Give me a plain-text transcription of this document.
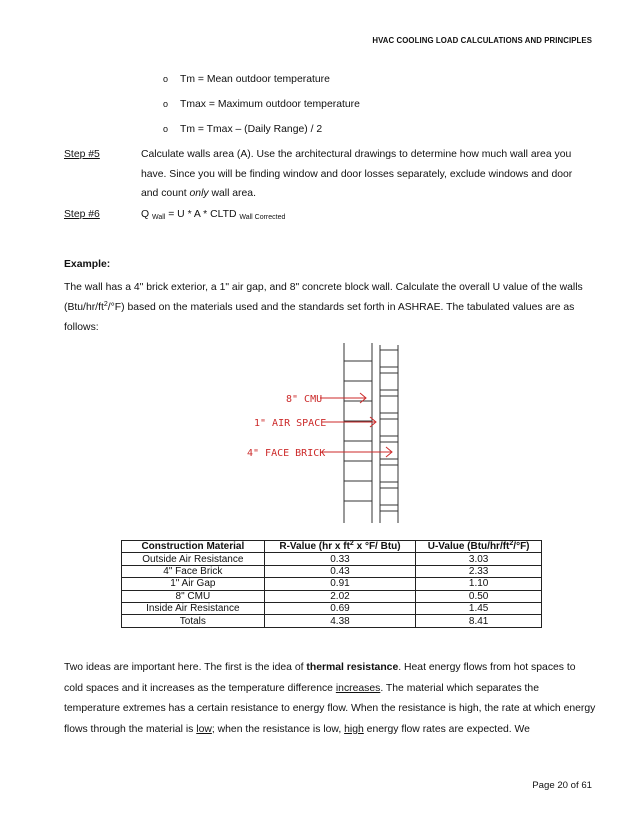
HVAC COOLING LOAD CALCULATIONS AND PRINCIPLES
o Tm = Mean outdoor temperature
o Tmax = Maximum outdoor temperature
o Tm = Tmax – (Daily Range) / 2
Step #5	Calculate walls area (A). Use the architectural drawings to determine how much wall area you have. Since you will be finding window and door losses separately, exclude windows and door and count only wall area.
Step #6	Q $_{Wall}$ = U * A * CLTD $_{Wall Corrected}$
Example:
The wall has a 4" brick exterior, a 1" air gap, and 8" concrete block wall. Calculate the overall U value of the walls $(Btu/hr/ft^2/^\circ F)$ based on the materials used and the standards set forth in ASHRAE. The tabulated values are as follows:
8" CMU
1" AIR SPACE
4" FACE BRICK
Construction Material	R-Value (hr x $ft^2$ x °F/ Btu)	U-Value $(Btu/hr/ft^2/^\circ F)$
Outside Air Resistance	0.33	3.03
4" Face Brick	0.43	2.33
1" Air Gap	0.91	1.10
8" CMU	2.02	0.50
Inside Air Resistance	0.69	1.45
Totals	4.38	8.41
Two ideas are important here. The first is the idea of thermal resistance. Heat energy flows from hot spaces to cold spaces and it increases as the temperature difference increases. The material which separates the temperature extremes has a certain resistance to energy flow. When the resistance is high, the rate at which energy flows through the material is low; when the resistance is low, high energy flow rates are expected. We
Page 20 of 61
